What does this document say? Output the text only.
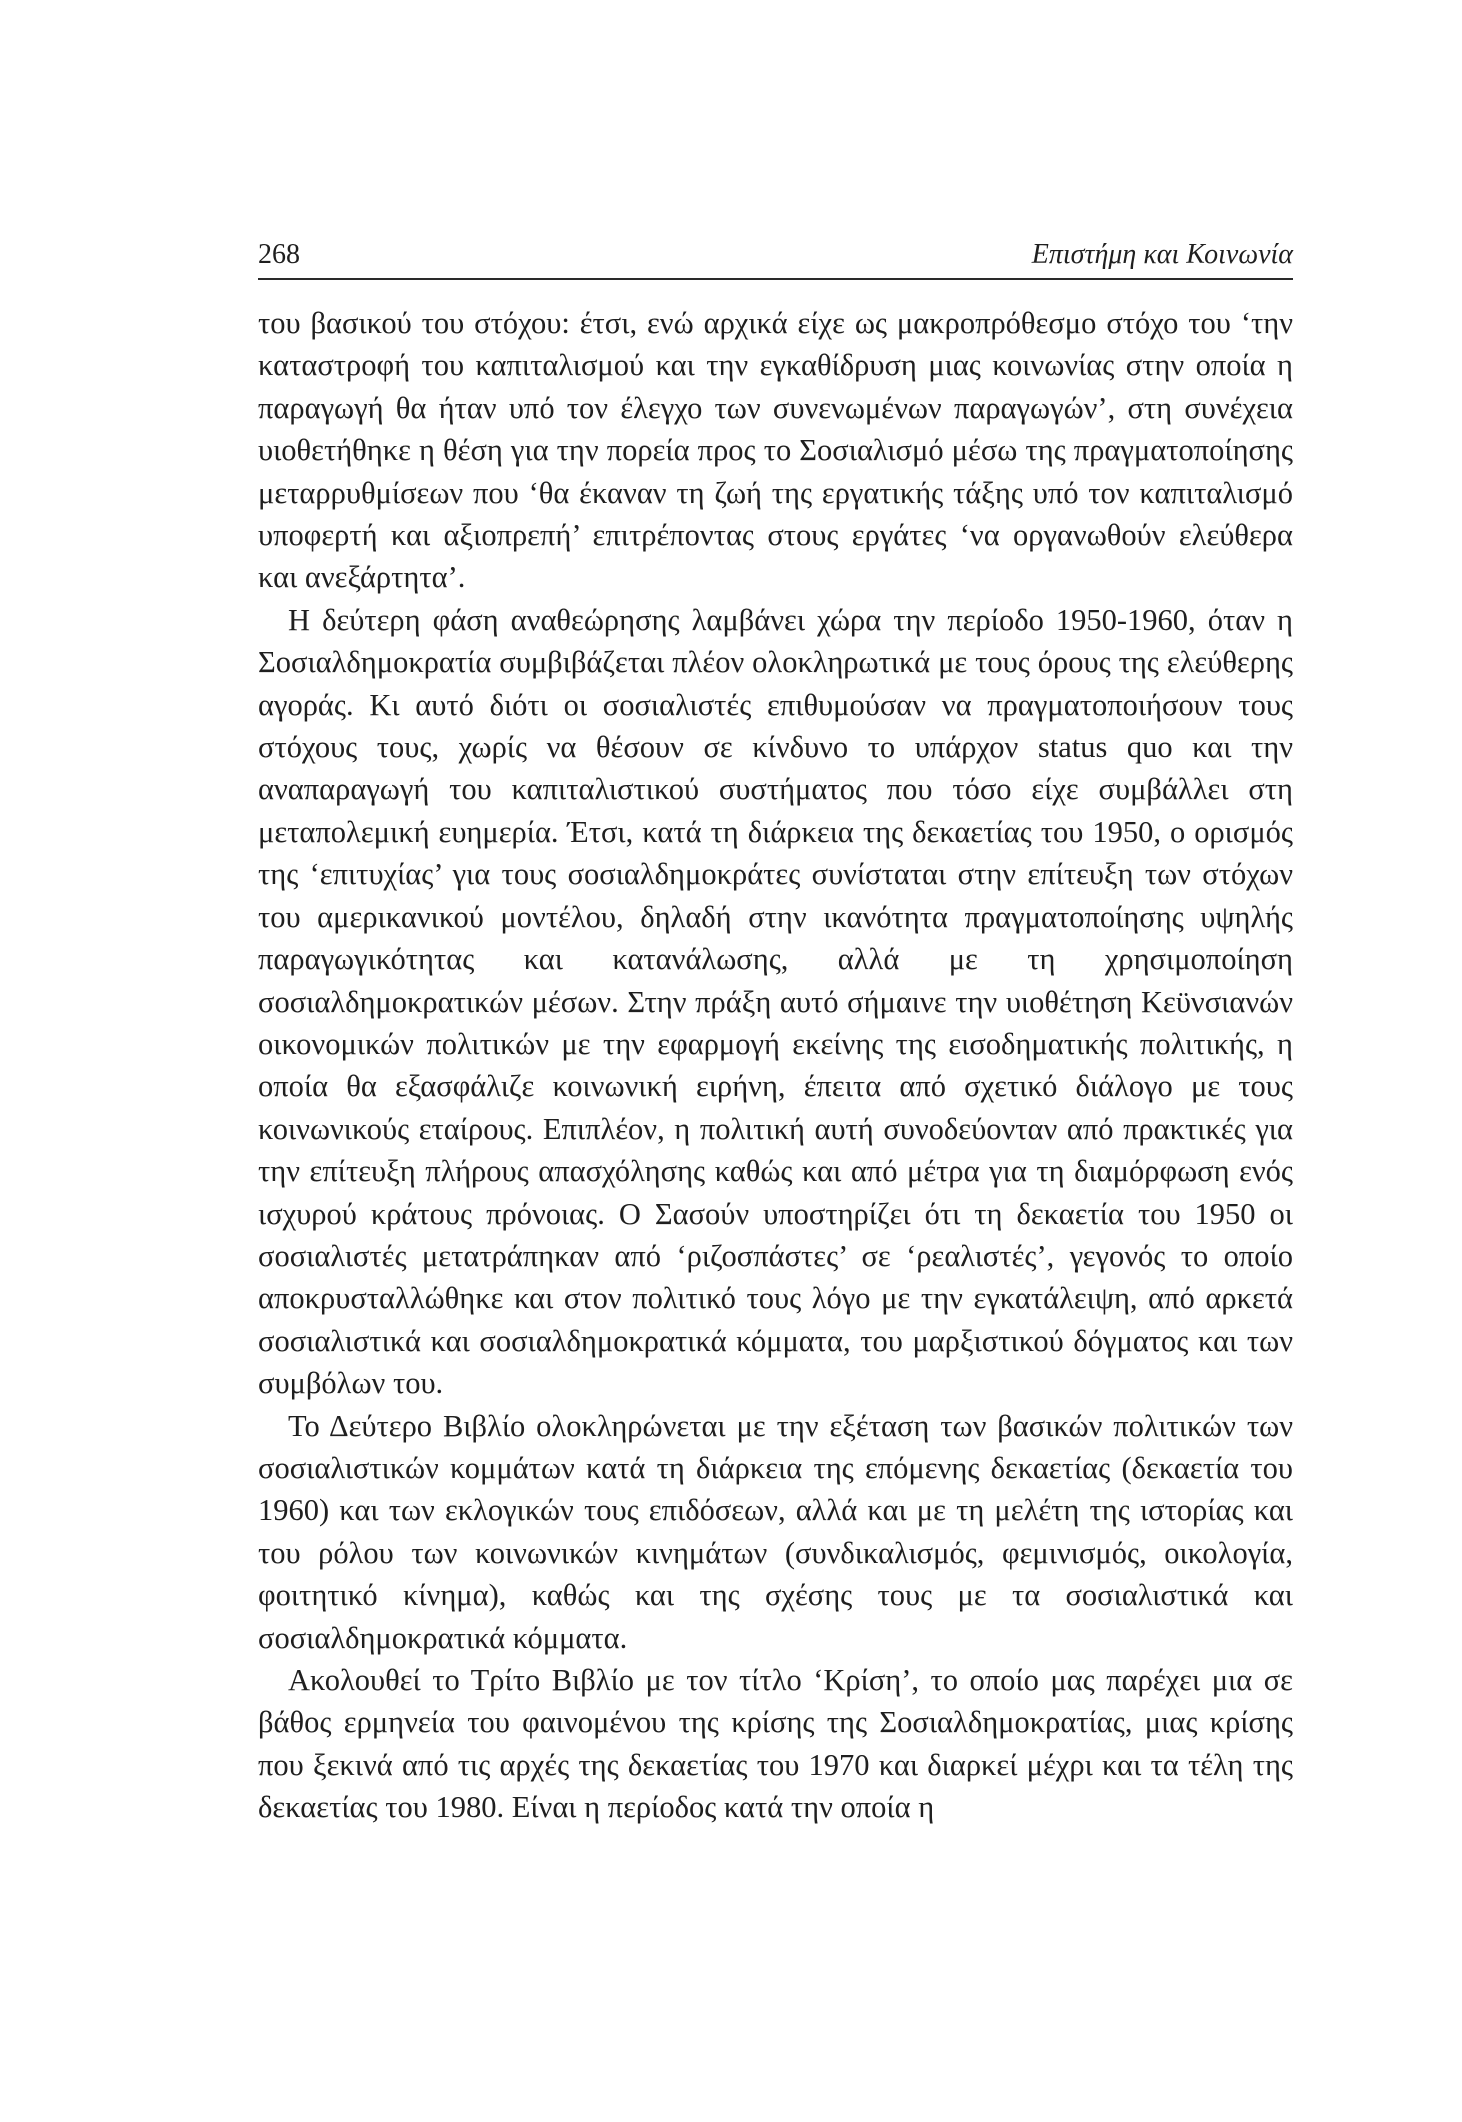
268	Επιστήμη και Κοινωνία

του βασικού του στόχου: έτσι, ενώ αρχικά είχε ως μακροπρόθεσμο στόχο του ‘την καταστροφή του καπιταλισμού και την εγκαθίδρυση μιας κοινωνίας στην οποία η παραγωγή θα ήταν υπό τον έλεγχο των συνενωμένων παραγωγών’, στη συνέχεια υιοθετήθηκε η θέση για την πορεία προς το Σοσιαλισμό μέσω της πραγματοποίησης μεταρρυθμίσεων που ‘θα έκαναν τη ζωή της εργατικής τάξης υπό τον καπιταλισμό υποφερτή και αξιοπρεπή’ επιτρέποντας στους εργάτες ‘να οργανωθούν ελεύθερα και ανεξάρτητα’.

Η δεύτερη φάση αναθεώρησης λαμβάνει χώρα την περίοδο 1950-1960, όταν η Σοσιαλδημοκρατία συμβιβάζεται πλέον ολοκληρωτικά με τους όρους της ελεύθερης αγοράς. Κι αυτό διότι οι σοσιαλιστές επιθυμούσαν να πραγματοποιήσουν τους στόχους τους, χωρίς να θέσουν σε κίνδυνο το υπάρχον status quo και την αναπαραγωγή του καπιταλιστικού συστήματος που τόσο είχε συμβάλλει στη μεταπολεμική ευημερία. Έτσι, κατά τη διάρκεια της δεκαετίας του 1950, ο ορισμός της ‘επιτυχίας’ για τους σοσιαλδημοκράτες συνίσταται στην επίτευξη των στόχων του αμερικανικού μοντέλου, δηλαδή στην ικανότητα πραγματοποίησης υψηλής παραγωγικότητας και κατανάλωσης, αλλά με τη χρησιμοποίηση σοσιαλδημοκρατικών μέσων. Στην πράξη αυτό σήμαινε την υιοθέτηση Κεϋνσιανών οικονομικών πολιτικών με την εφαρμογή εκείνης της εισοδηματικής πολιτικής, η οποία θα εξασφάλιζε κοινωνική ειρήνη, έπειτα από σχετικό διάλογο με τους κοινωνικούς εταίρους. Επιπλέον, η πολιτική αυτή συνοδεύονταν από πρακτικές για την επίτευξη πλήρους απασχόλησης καθώς και από μέτρα για τη διαμόρφωση ενός ισχυρού κράτους πρόνοιας. Ο Σασούν υποστηρίζει ότι τη δεκαετία του 1950 οι σοσιαλιστές μετατράπηκαν από ‘ριζοσπάστες’ σε ‘ρεαλιστές’, γεγονός το οποίο αποκρυσταλλώθηκε και στον πολιτικό τους λόγο με την εγκατάλειψη, από αρκετά σοσιαλιστικά και σοσιαλδημοκρατικά κόμματα, του μαρξιστικού δόγματος και των συμβόλων του.

Το Δεύτερο Βιβλίο ολοκληρώνεται με την εξέταση των βασικών πολιτικών των σοσιαλιστικών κομμάτων κατά τη διάρκεια της επόμενης δεκαετίας (δεκαετία του 1960) και των εκλογικών τους επιδόσεων, αλλά και με τη μελέτη της ιστορίας και του ρόλου των κοινωνικών κινημάτων (συνδικαλισμός, φεμινισμός, οικολογία, φοιτητικό κίνημα), καθώς και της σχέσης τους με τα σοσιαλιστικά και σοσιαλδημοκρατικά κόμματα.

Ακολουθεί το Τρίτο Βιβλίο με τον τίτλο ‘Κρίση’, το οποίο μας παρέχει μια σε βάθος ερμηνεία του φαινομένου της κρίσης της Σοσιαλδημοκρατίας, μιας κρίσης που ξεκινά από τις αρχές της δεκαετίας του 1970 και διαρκεί μέχρι και τα τέλη της δεκαετίας του 1980. Είναι η περίοδος κατά την οποία η
